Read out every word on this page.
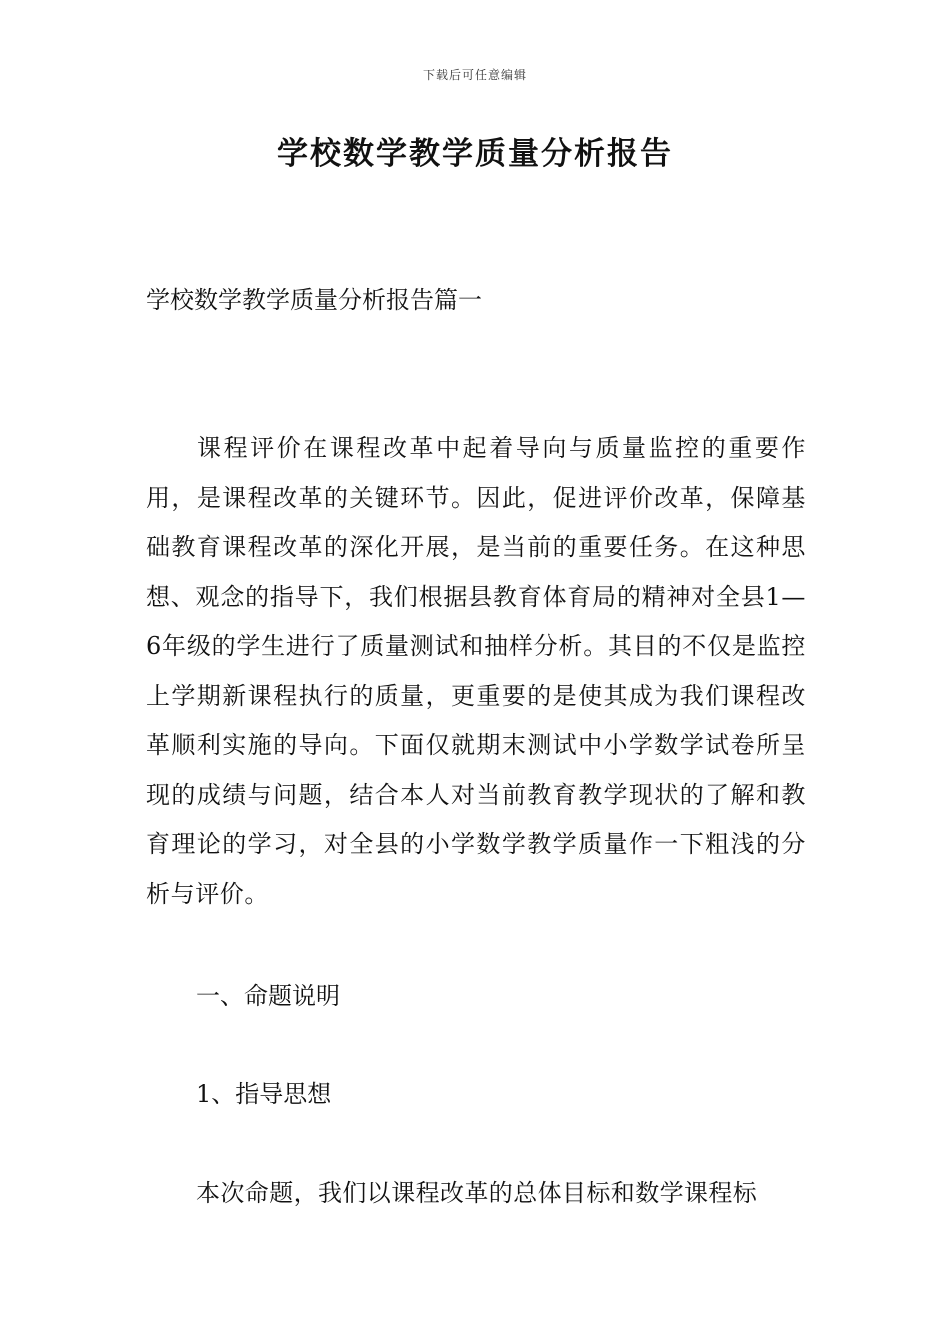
下载后可任意编辑
学校数学教学质量分析报告
学校数学教学质量分析报告篇一

课程评价在课程改革中起着导向与质量监控的重要作用，是课程改革的关键环节。因此，促进评价改革，保障基础教育课程改革的深化开展，是当前的重要任务。在这种思想、观念的指导下，我们根据县教育体育局的精神对全县1—6年级的学生进行了质量测试和抽样分析。其目的不仅是监控上学期新课程执行的质量，更重要的是使其成为我们课程改革顺利实施的导向。下面仅就期末测试中小学数学试卷所呈现的成绩与问题，结合本人对当前教育教学现状的了解和教育理论的学习，对全县的小学数学教学质量作一下粗浅的分析与评价。

一、命题说明
1、指导思想
本次命题，我们以课程改革的总体目标和数学课程标
